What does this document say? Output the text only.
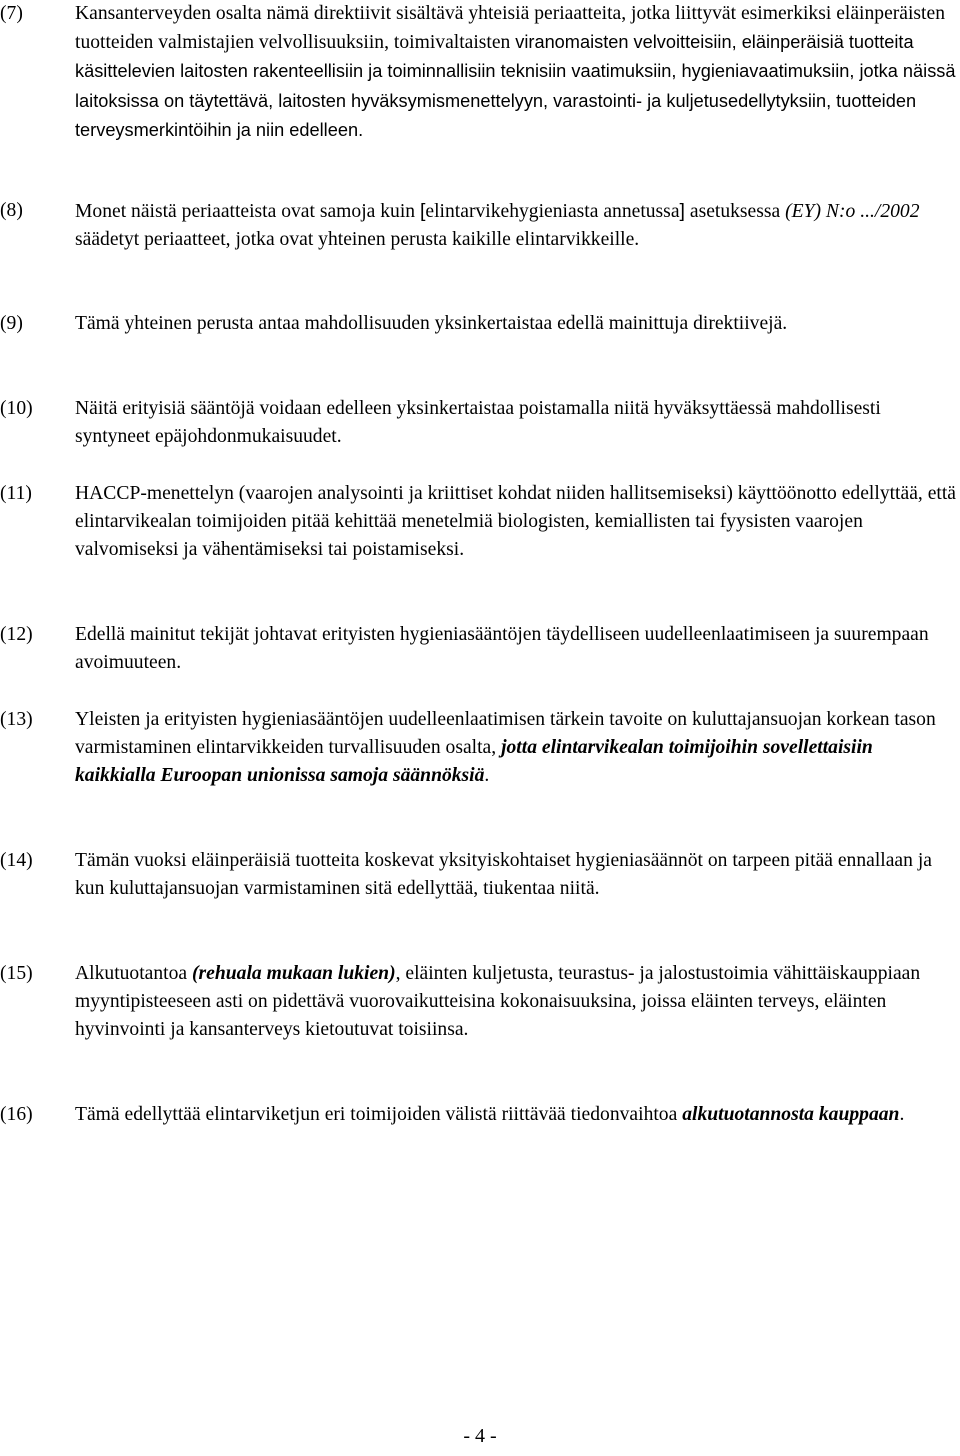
(7)	Kansanterveyden osalta nämä direktiivit sisältävä yhteisiä periaatteita, jotka liittyvät esimerkiksi eläinperäisten tuotteiden valmistajien velvollisuuksiin, toimivaltaisten viranomaisten velvoitteisiin, eläinperäisiä tuotteita käsittelevien laitosten rakenteellisiin ja toiminnallisiin teknisiin vaatimuksiin, hygieniavaatimuksiin, jotka näissä laitoksissa on täytettävä, laitosten hyväksymismenettelyyn, varastointi- ja kuljetusedellytyksiin, tuotteiden terveysmerkintöihin ja niin edelleen.
(8)	Monet näistä periaatteista ovat samoja kuin [elintarvikehygieniasta annetussa] asetuksessa (EY) N:o .../2002 säädetyt periaatteet, jotka ovat yhteinen perusta kaikille elintarvikkeille.
(9)	Tämä yhteinen perusta antaa mahdollisuuden yksinkertaistaa edellä mainittuja direktiivejä.
(10) Näitä erityisiä sääntöjä voidaan edelleen yksinkertaistaa poistamalla niitä hyväksyttäessä mahdollisesti syntyneet epäjohdonmukaisuudet.
(11) HACCP-menettelyn (vaarojen analysointi ja kriittiset kohdat niiden hallitsemiseksi) käyttöönotto edellyttää, että elintarvikealan toimijoiden pitää kehittää menetelmiä biologisten, kemiallisten tai fyysisten vaarojen valvomiseksi ja vähentämiseksi tai poistamiseksi.
(12) Edellä mainitut tekijät johtavat erityisten hygieniasääntöjen täydelliseen uudelleenlaatimiseen ja suurempaan avoimuuteen.
(13) Yleisten ja erityisten hygieniasääntöjen uudelleenlaatimisen tärkein tavoite on kuluttajansuojan korkean tason varmistaminen elintarvikkeiden turvallisuuden osalta, jotta elintarvikealan toimijoihin sovellettaisiin kaikkialla Euroopan unionissa samoja säännöksiä.
(14) Tämän vuoksi eläinperäisiä tuotteita koskevat yksityiskohtaiset hygieniasäännöt on tarpeen pitää ennallaan ja kun kuluttajansuojan varmistaminen sitä edellyttää, tiukentaa niitä.
(15) Alkutuotantoa (rehuala mukaan lukien), eläinten kuljetusta, teurastus- ja jalostustoimia vähittäiskauppiaan myyntipisteeseen asti on pidettävä vuorovaikutteisina kokonaisuuksina, joissa eläinten terveys, eläinten hyvinvointi ja kansanterveys kietoutuvat toisiinsa.
(16) Tämä edellyttää elintarviketjun eri toimijoiden välistä riittävää tiedonvaihtoa alkutuotannosta kauppaan.
- 4 -
